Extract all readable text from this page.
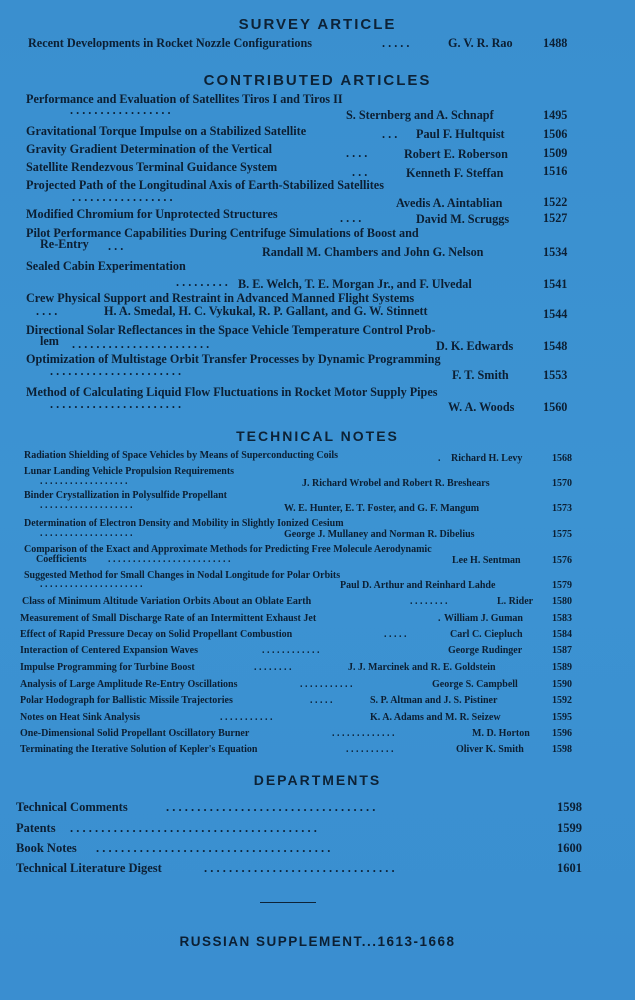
SURVEY ARTICLE
Recent Developments in Rocket Nozzle Configurations	. . . . .	G. V. R. Rao 1488
CONTRIBUTED ARTICLES
Performance and Evaluation of Satellites Tiros I and Tiros II
. . . . . . . . . . . . . . . . .	S. Sternberg and A. Schnapf	1495
Gravitational Torque Impulse on a Stabilized Satellite	. . . Paul F. Hultquist	1506
Gravity Gradient Determination of the Vertical	. . . .	Robert E. Roberson	1509
Satellite Rendezvous Terminal Guidance System	. . .	Kenneth F. Steffan	1516
Projected Path of the Longitudinal Axis of Earth-Stabilized Satellites
. . . . . . . . . . . . . . . . .	Avedis A. Aintablian	1522
Modified Chromium for Unprotected Structures	. . . .	David M. Scruggs	1527
Pilot Performance Capabilities During Centrifuge Simulations of Boost and
Re-Entry . . .	Randall M. Chambers and John G. Nelson	1534
Sealed Cabin Experimentation
. . . . . . . . . B. E. Welch, T. E. Morgan Jr., and F. Ulvedal	1541
Crew Physical Support and Restraint in Advanced Manned Flight Systems
. . . .	H. A. Smedal, H. C. Vykukal, R. P. Gallant, and G. W. Stinnett	1544
Directional Solar Reflectances in the Space Vehicle Temperature Control Prob-
lem . . . . . . . . . . . . . . . . . . . . . . .	D. K. Edwards 1548
Optimization of Multistage Orbit Transfer Processes by Dynamic Programming
. . . . . . . . . . . . . . . . . . . . . .	F. T. Smith	1553
Method of Calculating Liquid Flow Fluctuations in Rocket Motor Supply Pipes
. . . . . . . . . . . . . . . . . . . . . .	W. A. Woods 1560
TECHNICAL NOTES
Radiation Shielding of Space Vehicles by Means of Superconducting Coils	. Richard H. Levy	1568
Lunar Landing Vehicle Propulsion Requirements
. . . . . . . . . . . . . . . . . .	J. Richard Wrobel and Robert R. Breshears	1570
Binder Crystallization in Polysulfide Propellant
. . . . . . . . . . . . . . . . . . .	W. E. Hunter, E. T. Foster, and G. F. Mangum	1573
Determination of Electron Density and Mobility in Slightly Ionized Cesium
. . . . . . . . . . . . . . . . . . .	George J. Mullaney and Norman R. Dibelius	1575
Comparison of the Exact and Approximate Methods for Predicting Free Molecule Aerodynamic
Coefficients . . . . . . . . . . . . . . . . . . . . . . . . .	Lee H. Sentman	1576
Suggested Method for Small Changes in Nodal Longitude for Polar Orbits
. . . . . . . . . . . . . . . . . . . . .	Paul D. Arthur and Reinhard Lahde	1579
Class of Minimum Altitude Variation Orbits About an Oblate Earth	. . . . . . . .	L. Rider 1580
Measurement of Small Discharge Rate of an Intermittent Exhaust Jet	. William J. Guman	1583
Effect of Rapid Pressure Decay on Solid Propellant Combustion	. . . . .	Carl C. Ciepluch	1584
Interaction of Centered Expansion Waves	. . . . . . . . . . . .	George Rudinger	1587
Impulse Programming for Turbine Boost	. . . . . . . .	J. J. Marcinek and R. E. Goldstein	1589
Analysis of Large Amplitude Re-Entry Oscillations	. . . . . . . . . . .	George S. Campbell	1590
Polar Hodograph for Ballistic Missile Trajectories	. . . . .	S. P. Altman and J. S. Pistiner	1592
Notes on Heat Sink Analysis	. . . . . . . . . . .	K. A. Adams and M. R. Seizew	1595
One-Dimensional Solid Propellant Oscillatory Burner	. . . . . . . . . . . . .	M. D. Horton 1596
Terminating the Iterative Solution of Kepler's Equation	. . . . . . . . . .	Oliver K. Smith	1598
DEPARTMENTS
Technical Comments	. . . . . . . . . . . . . . . . . . . . . . . . . . . . . . . . . .	1598
Patents . . . . . . . . . . . . . . . . . . . . . . . . . . . . . . . . . . . . . . . .	1599
Book Notes . . . . . . . . . . . . . . . . . . . . . . . . . . . . . . . . . . . . . .	1600
Technical Literature Digest	. . . . . . . . . . . . . . . . . . . . . . . . . . . . . . .	1601
RUSSIAN SUPPLEMENT...1613-1668
